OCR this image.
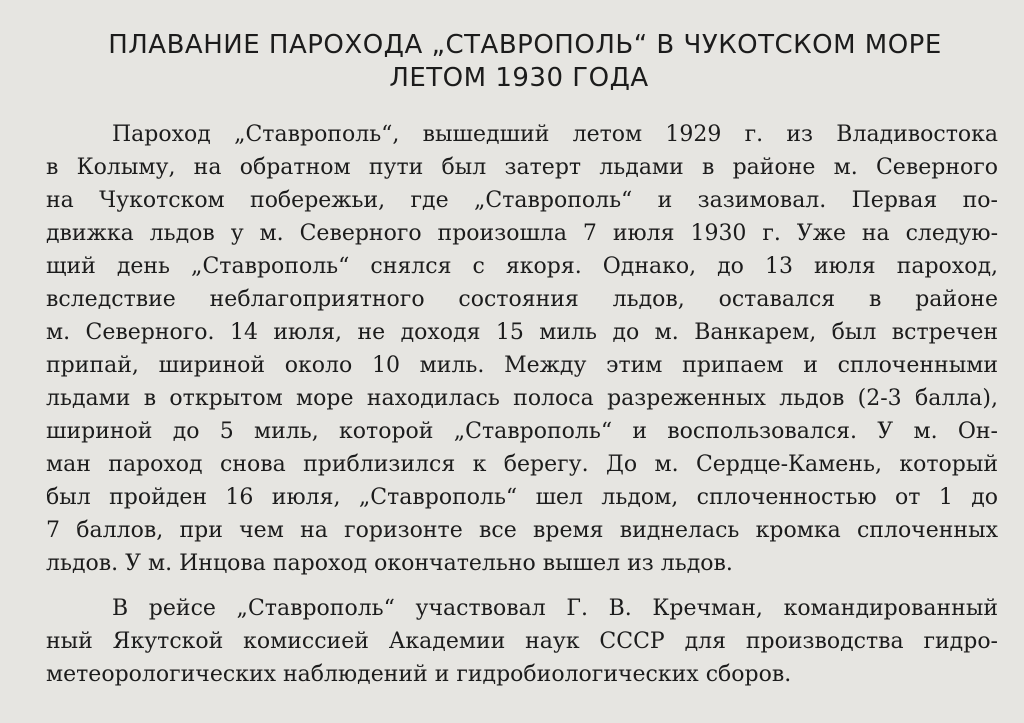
ПЛАВАНИЕ ПАРОХОДА „СТАВРОПОЛЬ“ В ЧУКОТСКОМ МОРЕ
ЛЕТОМ 1930 ГОДА
Пароход „Ставрополь“, вышедший летом 1929 г. из Владивостока
в Колыму, на обратном пути был затерт льдами в районе м. Северного
на Чукотском побережьи, где „Ставрополь“ и зазимовал. Первая по-
движка льдов у м. Северного произошла 7 июля 1930 г. Уже на следую-
щий день „Ставрополь“ снялся с якоря. Однако, до 13 июля пароход,
вследствие неблагоприятного состояния льдов, оставался в районе
м. Северного. 14 июля, не доходя 15 миль до м. Ванкарем, был встречен
припай, шириной около 10 миль. Между этим припаем и сплоченными
льдами в открытом море находилась полоса разреженных льдов (2-3 балла),
шириной до 5 миль, которой „Ставрополь“ и воспользовался. У м. Он-
ман пароход снова приблизился к берегу. До м. Сердце-Камень, который
был пройден 16 июля, „Ставрополь“ шел льдом, сплоченностью от 1 до
7 баллов, при чем на горизонте все время виднелась кромка сплоченных
льдов. У м. Инцова пароход окончательно вышел из льдов.
В рейсе „Ставрополь“ участвовал Г. В. Кречман, командированный
ный Якутской комиссией Академии наук СССР для производства гидро-
метеорологических наблюдений и гидробиологических сборов.
